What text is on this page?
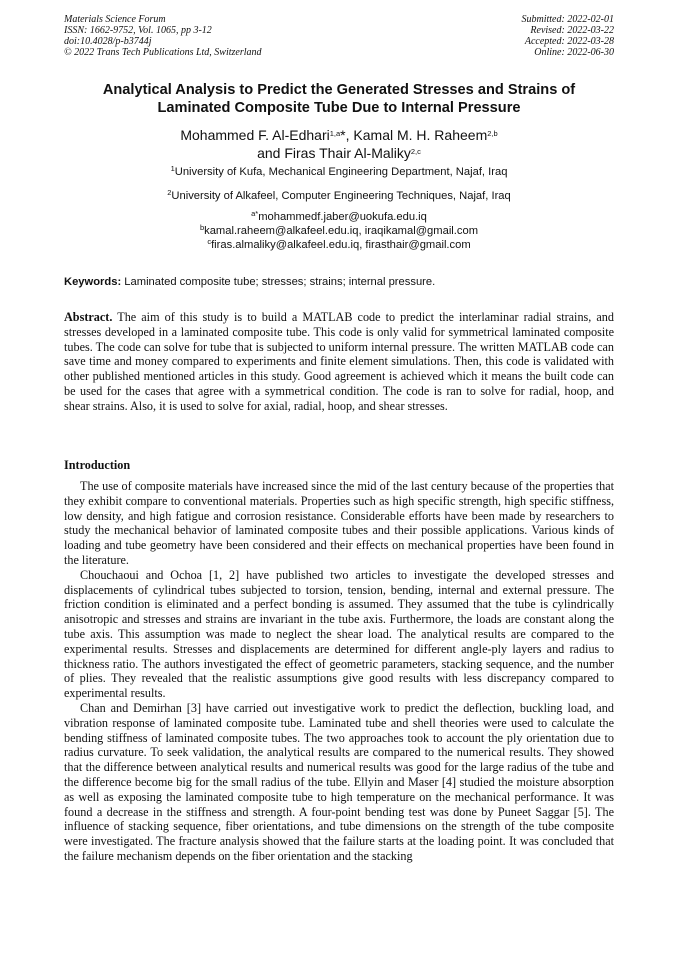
Materials Science Forum
ISSN: 1662-9752, Vol. 1065, pp 3-12
doi:10.4028/p-b3744j
© 2022 Trans Tech Publications Ltd, Switzerland
Submitted: 2022-02-01
Revised: 2022-03-22
Accepted: 2022-03-28
Online: 2022-06-30
Analytical Analysis to Predict the Generated Stresses and Strains of
Laminated Composite Tube Due to Internal Pressure
Mohammed F. Al-Edhari$^{1,a}$*, Kamal M. H. Raheem$^{2,b}$
and Firas Thair Al-Maliky$^{2,c}$
$^1$University of Kufa, Mechanical Engineering Department, Najaf, Iraq
$^2$University of Alkafeel, Computer Engineering Techniques, Najaf, Iraq
$^{a*}$mohammedf.jaber@uokufa.edu.iq
$^b$kamal.raheem@alkafeel.edu.iq, iraqikamal@gmail.com
$^c$firas.almaliky@alkafeel.edu.iq, firasthair@gmail.com
Keywords: Laminated composite tube; stresses; strains; internal pressure.
Abstract. The aim of this study is to build a MATLAB code to predict the interlaminar radial strains, and stresses developed in a laminated composite tube. This code is only valid for symmetrical laminated composite tubes. The code can solve for tube that is subjected to uniform internal pressure. The written MATLAB code can save time and money compared to experiments and finite element simulations. Then, this code is validated with other published mentioned articles in this study. Good agreement is achieved which it means the built code can be used for the cases that agree with a symmetrical condition. The code is ran to solve for radial, hoop, and shear strains. Also, it is used to solve for axial, radial, hoop, and shear stresses.
Introduction

The use of composite materials have increased since the mid of the last century because of the properties that they exhibit compare to conventional materials. Properties such as high specific strength, high specific stiffness, low density, and high fatigue and corrosion resistance. Considerable efforts have been made by researchers to study the mechanical behavior of laminated composite tubes and their possible applications. Various kinds of loading and tube geometry have been considered and their effects on mechanical properties have been found in the literature.

Chouchaoui and Ochoa [1, 2] have published two articles to investigate the developed stresses and displacements of cylindrical tubes subjected to torsion, tension, bending, internal and external pressure. The friction condition is eliminated and a perfect bonding is assumed. They assumed that the tube is cylindrically anisotropic and stresses and strains are invariant in the tube axis. Furthermore, the loads are constant along the tube axis. This assumption was made to neglect the shear load. The analytical results are compared to the experimental results. Stresses and displacements are determined for different angle-ply layers and radius to thickness ratio. The authors investigated the effect of geometric parameters, stacking sequence, and the number of plies. They revealed that the realistic assumptions give good results with less discrepancy compared to experimental results.

Chan and Demirhan [3] have carried out investigative work to predict the deflection, buckling load, and vibration response of laminated composite tube. Laminated tube and shell theories were used to calculate the bending stiffness of laminated composite tubes. The two approaches took to account the ply orientation due to radius curvature. To seek validation, the analytical results are compared to the numerical results. They showed that the difference between analytical results and numerical results was good for the large radius of the tube and the difference become big for the small radius of the tube. Ellyin and Maser [4] studied the moisture absorption as well as exposing the laminated composite tube to high temperature on the mechanical performance. It was found a decrease in the stiffness and strength. A four-point bending test was done by Puneet Saggar [5]. The influence of stacking sequence, fiber orientations, and tube dimensions on the strength of the tube composite were investigated. The fracture analysis showed that the failure starts at the loading point. It was concluded that the failure mechanism depends on the fiber orientation and the stacking
